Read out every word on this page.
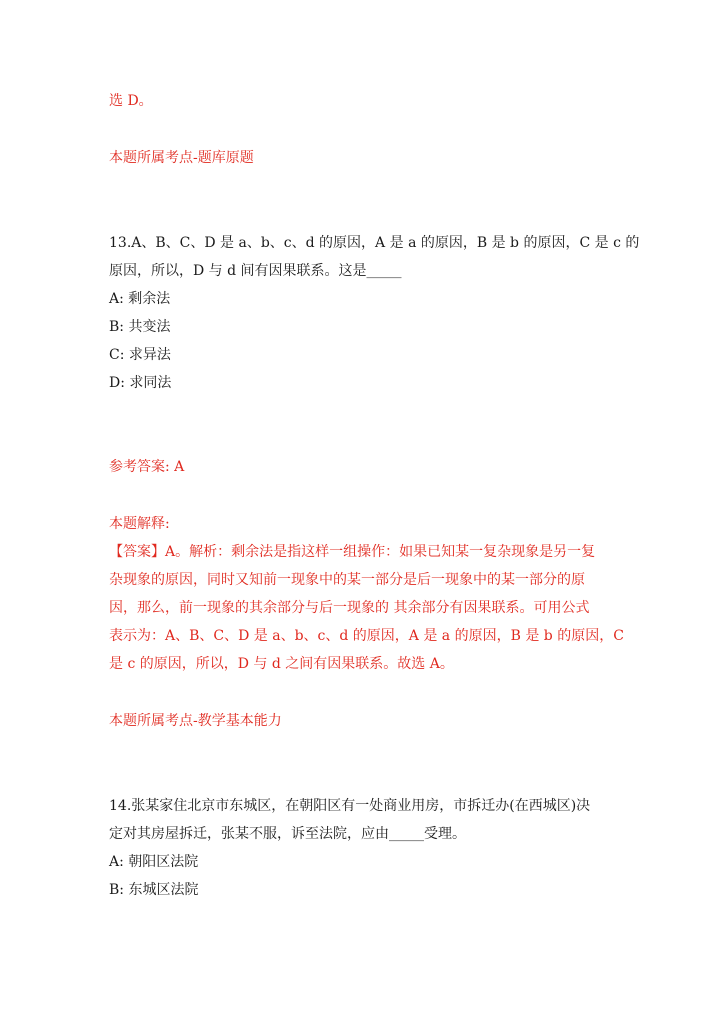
选 D。
本题所属考点-题库原题
13.A、B、C、D 是 a、b、c、d 的原因，A 是 a 的原因，B 是 b 的原因，C 是 c 的
原因，所以，D 与 d 间有因果联系。这是_____
A: 剩余法
B: 共变法
C: 求异法
D: 求同法
参考答案: A
本题解释:
【答案】A。解析：剩余法是指这样一组操作：如果已知某一复杂现象是另一复
杂现象的原因，同时又知前一现象中的某一部分是后一现象中的某一部分的原
因，那么，前一现象的其余部分与后一现象的 其余部分有因果联系。可用公式
表示为：A、B、C、D 是 a、b、c、d 的原因，A 是 a 的原因，B 是 b 的原因，C
是 c 的原因，所以，D 与 d 之间有因果联系。故选 A。
本题所属考点-教学基本能力
14.张某家住北京市东城区，在朝阳区有一处商业用房，市拆迁办(在西城区)决
定对其房屋拆迁，张某不服，诉至法院，应由_____受理。
A: 朝阳区法院
B: 东城区法院
